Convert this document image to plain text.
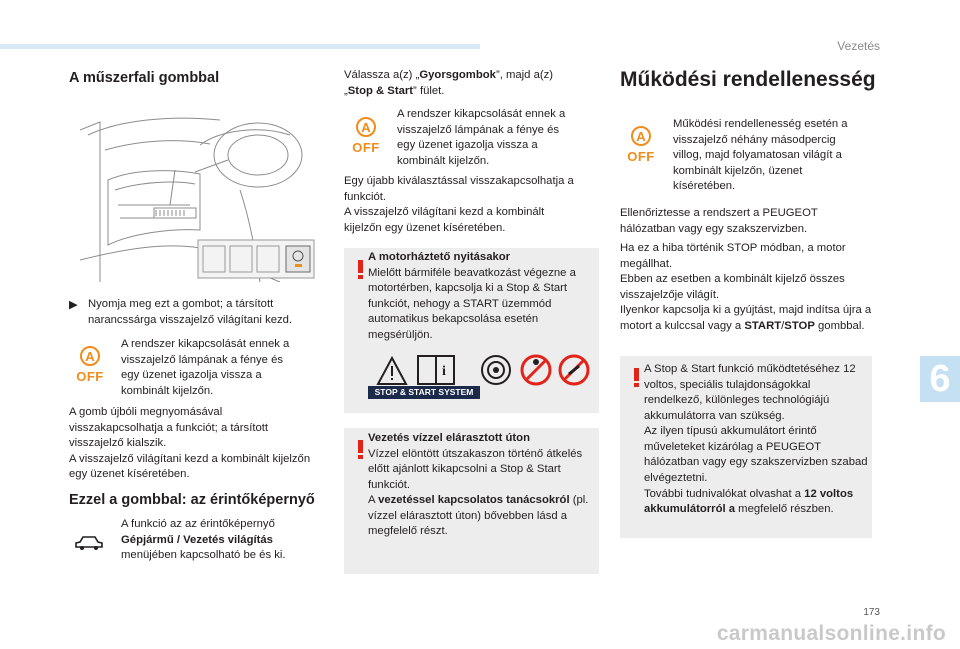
Vezetés
A műszerfali gombbal
▶ Nyomja meg ezt a gombot; a társított narancssárga visszajelző világítani kezd.

A
OFF

A rendszer kikapcsolását ennek a visszajelző lámpának a fénye és egy üzenet igazolja vissza a kombinált kijelzőn.

A gomb újbóli megnyomásával visszakapcsolhatja a funkciót; a társított visszajelző kialszik.

A visszajelző világítani kezd a kombinált kijelzőn egy üzenet kíséretében.

Ezzel a gombbal: az érintőképernyő

A funkció az az érintőképernyő

Gépjármű / Vezetés világítás

menüjében kapcsolható be és ki.

Válassza a(z) „Gyorsgombok”, majd a(z)

„Stop & Start” fület.

A
OFF

A rendszer kikapcsolását ennek a visszajelző lámpának a fénye és egy üzenet igazolja vissza a kombinált kijelzőn.

Egy újabb kiválasztással visszakapcsolhatja a funkciót.

A visszajelző világítani kezd a kombinált kijelzőn egy üzenet kíséretében.

A motorháztető nyitásakor

Mielőtt bármiféle beavatkozást végezne a motortérben, kapcsolja ki a Stop & Start funkciót, nehogy a START üzemmód automatikus bekapcsolása esetén megsérüljön.

i
STOP & START SYSTEM

Vezetés vízzel elárasztott úton

Vízzel elöntött útszakaszon történő átkelés előtt ajánlott kikapcsolni a Stop & Start funkciót.

A vezetéssel kapcsolatos tanácsokról (pl. vízzel elárasztott úton) bővebben lásd a megfelelő részt.

Működési rendellenesség
A
OFF

Működési rendellenesség esetén a visszajelző néhány másodpercig villog, majd folyamatosan világít a kombinált kijelzőn, üzenet kíséretében.

Ellenőriztesse a rendszert a PEUGEOT hálózatban vagy egy szakszervizben.

Ha ez a hiba történik STOP módban, a motor megállhat.

Ebben az esetben a kombinált kijelző összes visszajelzője világít.

Ilyenkor kapcsolja ki a gyújtást, majd indítsa újra a motort a kulccsal vagy a START/STOP gombbal.

A Stop & Start funkció működtetéséhez 12 voltos, speciális tulajdonságokkal rendelkező, különleges technológiájú akkumulátorra van szükség.

Az ilyen típusú akkumulátort érintő műveleteket kizárólag a PEUGEOT hálózatban vagy egy szakszervizben szabad elvégeztetni.

További tudnivalókat olvashat a 12 voltos akkumulátorról a megfelelő részben.

6
173
carmanualsonline.info
